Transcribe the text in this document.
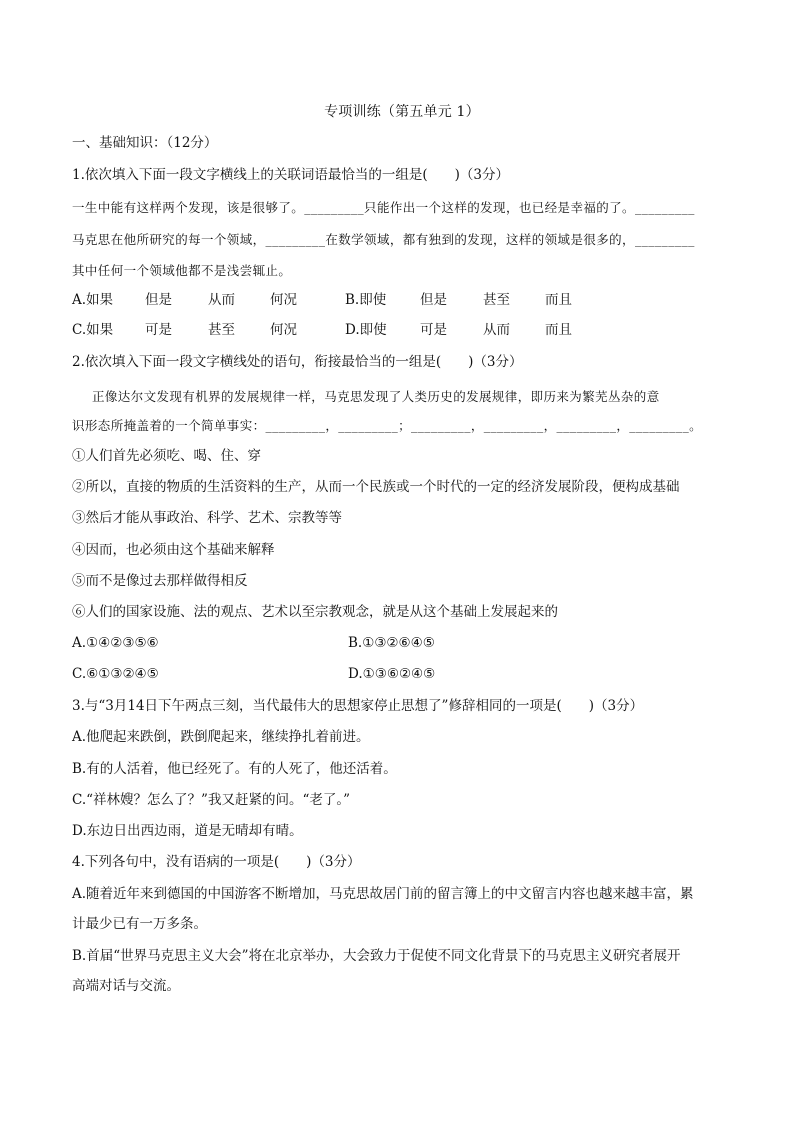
专项训练（第五单元 1）
一、基础知识：（12分）
1.依次填入下面一段文字横线上的关联词语最恰当的一组是(　　)（3分）
一生中能有这样两个发现，该是很够了。_________只能作出一个这样的发现，也已经是幸福的了。_________
马克思在他所研究的每一个领域，_________在数学领域，都有独到的发现，这样的领域是很多的，_________
其中任何一个领域他都不是浅尝辄止。
A.如果 但是	从而	何况	B.即使	但是	甚至	而且
C.如果 可是	甚至	何况	D.即使 可是	从而	而且
2.依次填入下面一段文字横线处的语句，衔接最恰当的一组是(　　)（3分）
正像达尔文发现有机界的发展规律一样，马克思发现了人类历史的发展规律，即历来为繁芜丛杂的意
识形态所掩盖着的一个简单事实：_________，_________；_________，_________，_________，_________。
①人们首先必须吃、喝、住、穿
②所以，直接的物质的生活资料的生产，从而一个民族或一个时代的一定的经济发展阶段，便构成基础
③然后才能从事政治、科学、艺术、宗教等等
④因而，也必须由这个基础来解释
⑤而不是像过去那样做得相反
⑥人们的国家设施、法的观点、艺术以至宗教观念，就是从这个基础上发展起来的
A.①④②③⑤⑥	B.①③②⑥④⑤
C.⑥①③②④⑤	D.①③⑥②④⑤
3.与“3月14日下午两点三刻，当代最伟大的思想家停止思想了”修辞相同的一项是(　　)（3分）
A.他爬起来跌倒，跌倒爬起来，继续挣扎着前进。
B.有的人活着，他已经死了。有的人死了，他还活着。
C.“祥林嫂？怎么了？”我又赶紧的问。“老了。”
D.东边日出西边雨，道是无晴却有晴。
4.下列各句中，没有语病的一项是(　　)（3分）
A.随着近年来到德国的中国游客不断增加，马克思故居门前的留言簿上的中文留言内容也越来越丰富，累
计最少已有一万多条。
B.首届“世界马克思主义大会”将在北京举办，大会致力于促使不同文化背景下的马克思主义研究者展开
高端对话与交流。
